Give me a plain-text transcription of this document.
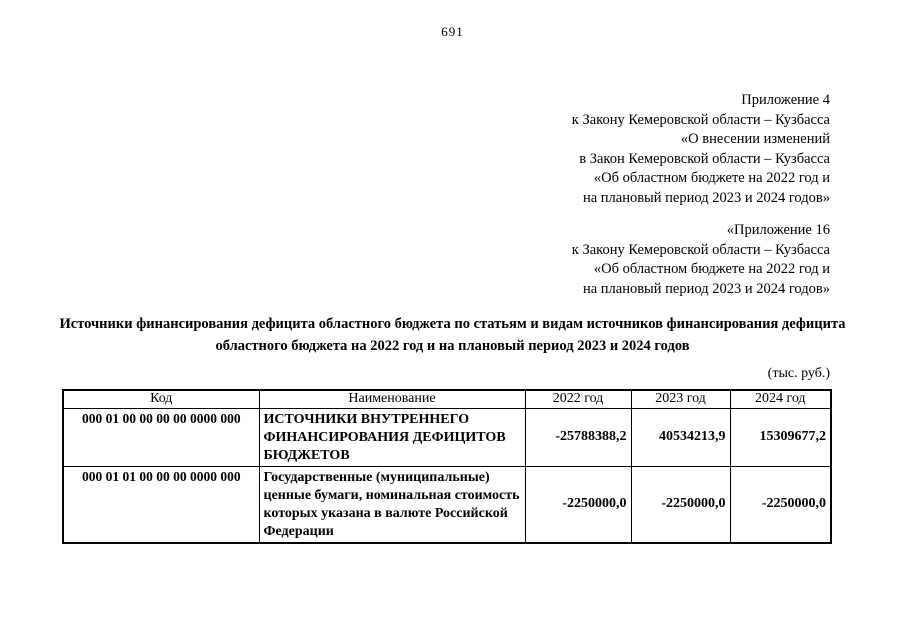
691
Приложение 4
к Закону Кемеровской области – Кузбасса
«О внесении изменений
в Закон Кемеровской области – Кузбасса
«Об областном бюджете на 2022 год и
на плановый период 2023 и 2024 годов»
«Приложение 16
к Закону Кемеровской области – Кузбасса
«Об областном бюджете на 2022 год и
на плановый период 2023 и 2024 годов»
Источники финансирования дефицита областного бюджета по статьям и видам источников финансирования дефицита областного бюджета на 2022 год и на плановый период 2023 и 2024 годов
(тыс. руб.)
Код	Наименование	2022 год	2023 год	2024 год
000 01 00 00 00 00 0000 000	ИСТОЧНИКИ ВНУТРЕННЕГО ФИНАНСИРОВАНИЯ ДЕФИЦИТОВ БЮДЖЕТОВ	-25788388,2	40534213,9	15309677,2
000 01 01 00 00 00 0000 000	Государственные (муниципальные) ценные бумаги, номинальная стоимость которых указана в валюте Российской Федерации	-2250000,0	-2250000,0	-2250000,0
